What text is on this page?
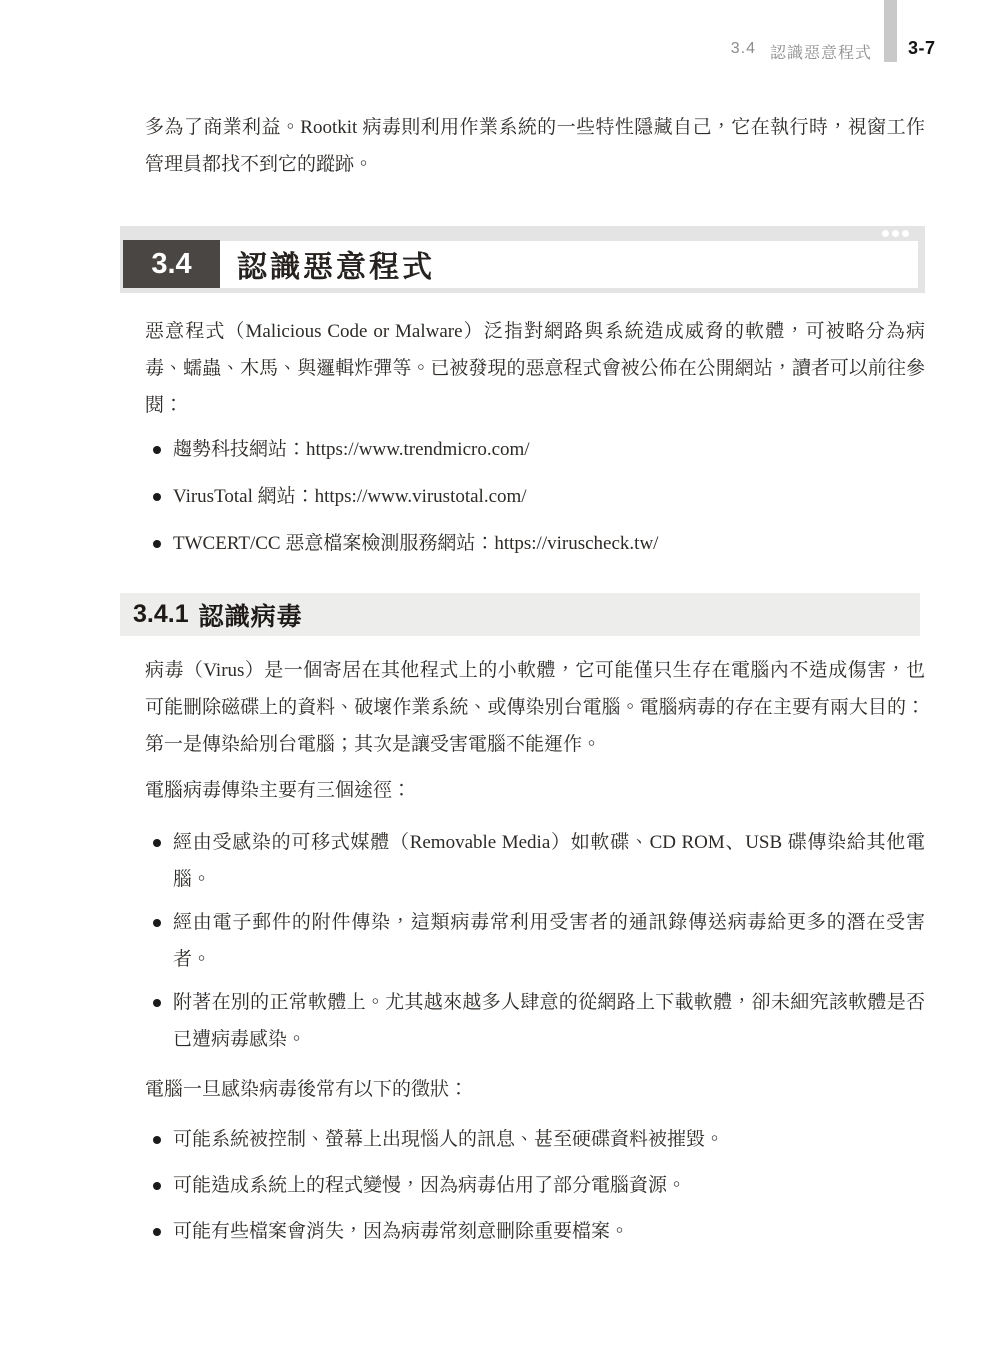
3.4 認識惡意程式 3-7

多為了商業利益。Rootkit 病毒則利用作業系統的一些特性隱藏自己，它在執行時，視窗工作管理員都找不到它的蹤跡。

3.4	認識惡意程式

惡意程式（Malicious Code or Malware）泛指對網路與系統造成威脅的軟體，可被略分為病毒、蠕蟲、木馬、與邏輯炸彈等。已被發現的惡意程式會被公佈在公開網站，讀者可以前往參閱：

趨勢科技網站：https://www.trendmicro.com/
VirusTotal 網站：https://www.virustotal.com/
TWCERT/CC 惡意檔案檢測服務網站：https://viruscheck.tw/
3.4.1 認識病毒

病毒（Virus）是一個寄居在其他程式上的小軟體，它可能僅只生存在電腦內不造成傷害，也可能刪除磁碟上的資料、破壞作業系統、或傳染別台電腦。電腦病毒的存在主要有兩大目的：第一是傳染給別台電腦；其次是讓受害電腦不能運作。

電腦病毒傳染主要有三個途徑：

經由受感染的可移式媒體（Removable Media）如軟碟、CD ROM、USB 碟傳染給其他電腦。
經由電子郵件的附件傳染，這類病毒常利用受害者的通訊錄傳送病毒給更多的潛在受害者。
附著在別的正常軟體上。尤其越來越多人肆意的從網路上下載軟體，卻未細究該軟體是否已遭病毒感染。

電腦一旦感染病毒後常有以下的徵狀：

可能系統被控制、螢幕上出現惱人的訊息、甚至硬碟資料被摧毀。
可能造成系統上的程式變慢，因為病毒佔用了部分電腦資源。
可能有些檔案會消失，因為病毒常刻意刪除重要檔案。
